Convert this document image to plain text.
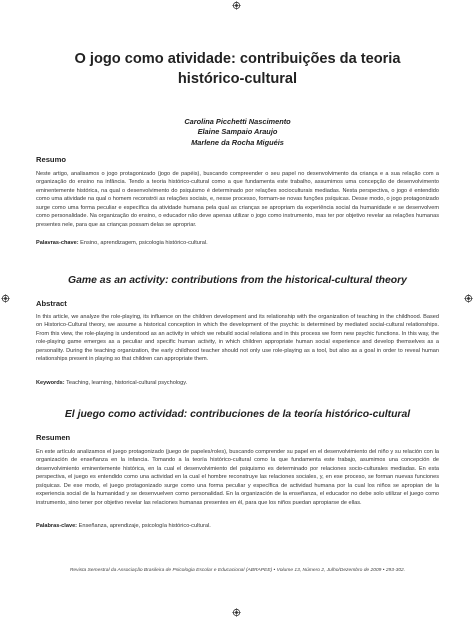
O jogo como atividade: contribuições da teoria
histórico-cultural
Carolina Picchetti Nascimento
Elaine Sampaio Araujo
Marlene da Rocha Miguéis
Resumo

Neste artigo, analisamos o jogo protagonizado (jogo de papéis), buscando compreender o seu papel no desenvolvimento da criança e a sua relação com a organização do ensino na infância. Tendo a teoria histórico-cultural como a que fundamenta este trabalho, assumimos uma concepção de desenvolvimento eminentemente histórica, na qual o desenvolvimento do psiquismo é determinado por relações socioculturais mediadas. Nesta perspectiva, o jogo é entendido como uma atividade na qual o homem reconstrói as relações sociais, e, nesse processo, formam-se novas funções psíquicas. Desse modo, o jogo protagonizado surge como uma forma peculiar e específica da atividade humana pela qual as crianças se apropriam da experiência social da humanidade e se desenvolvem como personalidade. Na organização do ensino, o educador não deve apenas utilizar o jogo como instrumento, mas ter por objetivo revelar as relações humanas presentes nele, para que as crianças possam delas se apropriar.

Palavras-chave: Ensino, aprendizagem, psicologia histórico-cultural.
Game as an activity: contributions from the historical-cultural theory
Abstract

In this article, we analyze the role-playing, its influence on the children development and its relationship with the organization of teaching in the childhood. Based on Historico-Cultural theory, we assume a historical conception in which the development of the psychic is determined by mediated social-cultural relationships. From this view, the role-playing is understood as an activity in which we rebuild social relations and in this process we form new psychic functions. In this way, the role-playing game emerges as a peculiar and specific human activity, in which children appropriate human social experience and develop themselves as a personality. During the teaching organization, the early childhood teacher should not only use role-playing as a tool, but also as a goal in order to reveal human relationships present in playing so that children can appropriate them.

Keywords: Teaching, learning, historical-cultural psychology.
El juego como actividad: contribuciones de la teoría histórico-cultural
Resumen

En este artículo analizamos el juego protagonizado (juego de papeles/roles), buscando comprender su papel en el desenvolvimiento del niño y su relación con la organización de enseñanza en la infancia. Tomando a la teoría histórico-cultural como la que fundamenta este trabajo, asumimos una concepción de desenvolvimiento eminentemente histórica, en la cual el desenvolvimiento del psiquismo es determinado por relaciones socio-culturales mediadas. En esta perspectiva, el juego es entendido como una actividad en la cual el hombre reconstruye las relaciones sociales, y, en ese proceso, se forman nuevas funciones psíquicas. De ese modo, el juego protagonizado surge como una forma peculiar y específica de actividad humana por la cual los niños se apropian de la experiencia social de la humanidad y se desenvuelven como personalidad. En la organización de la enseñanza, el educador no debe solo utilizar el juego como instrumento, sino tener por objetivo revelar las relaciones humanas presentes en él, para que los niños puedan apropiarse de ellas.

Palabras-clave: Enseñanza, aprendizaje, psicología histórico-cultural.
Revista Semestral da Associação Brasileira de Psicologia Escolar e Educacional (ABRAPEE) • Volume 13, Número 2, Julho/Dezembro de 2009 • 293-302.
